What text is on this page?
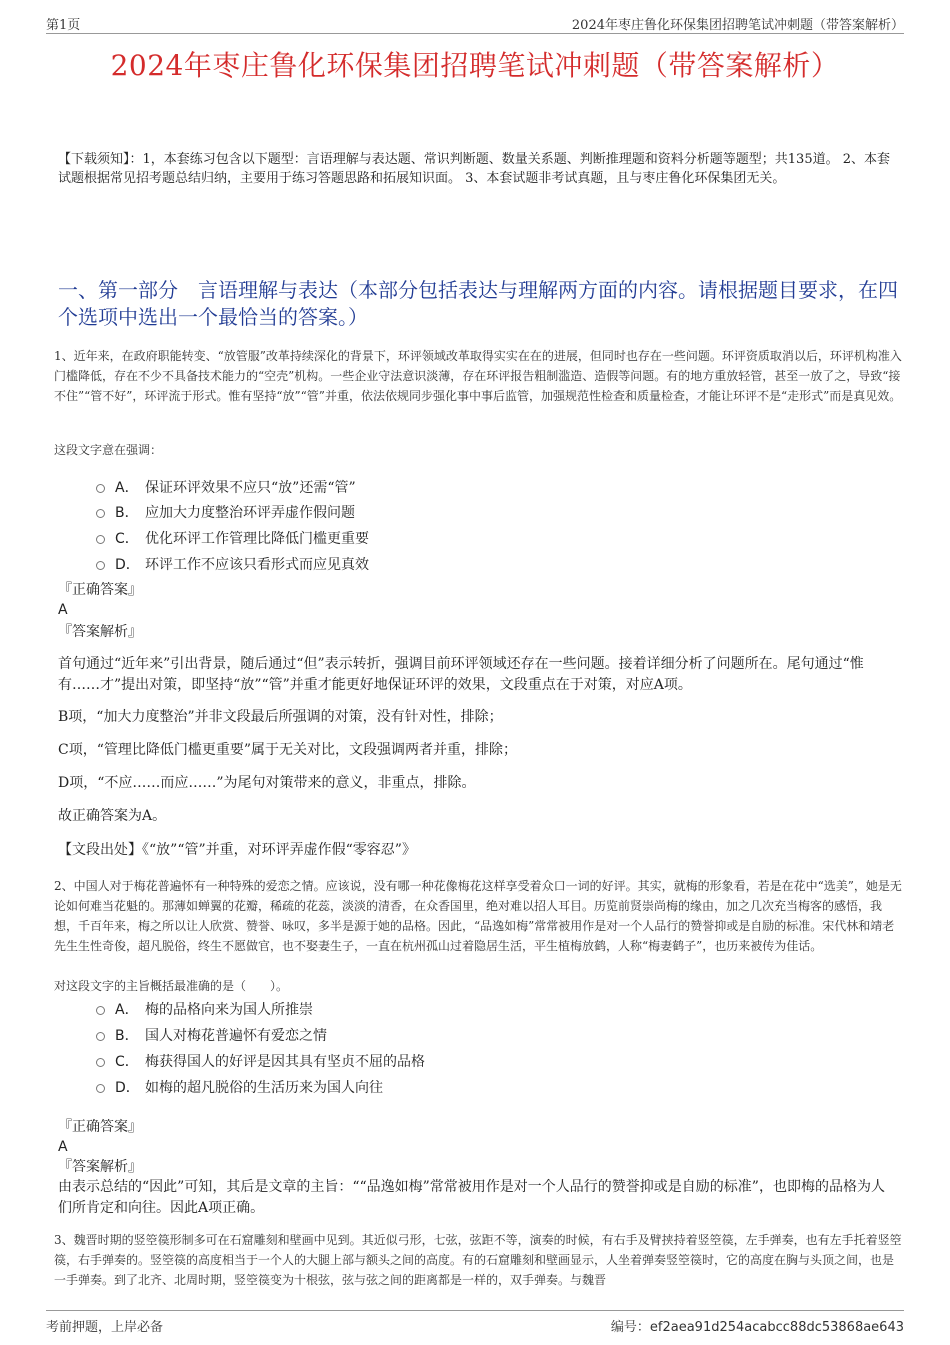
第1页	2024年枣庄鲁化环保集团招聘笔试冲刺题（带答案解析）
2024年枣庄鲁化环保集团招聘笔试冲刺题（带答案解析）
【下载须知】：1，本套练习包含以下题型：言语理解与表达题、常识判断题、数量关系题、判断推理题和资料分析题等题型；共135道。 2、本套试题根据常见招考题总结归纳，主要用于练习答题思路和拓展知识面。 3、本套试题非考试真题，且与枣庄鲁化环保集团无关。
一、第一部分　言语理解与表达（本部分包括表达与理解两方面的内容。请根据题目要求，在四个选项中选出一个最恰当的答案。）
1、近年来，在政府职能转变、“放管服”改革持续深化的背景下，环评领域改革取得实实在在的进展，但同时也存在一些问题。环评资质取消以后，环评机构准入门槛降低，存在不少不具备技术能力的“空壳”机构。一些企业守法意识淡薄，存在环评报告粗制滥造、造假等问题。有的地方重放轻管，甚至一放了之，导致“接不住”“管不好”，环评流于形式。惟有坚持“放”“管”并重，依法依规同步强化事中事后监管，加强规范性检查和质量检查，才能让环评不是“走形式”而是真见效。
这段文字意在强调：
A． 保证环评效果不应只“放”还需“管”
B． 应加大力度整治环评弄虚作假问题
C． 优化环评工作管理比降低门槛更重要
D． 环评工作不应该只看形式而应见真效
『正确答案』
A
『答案解析』
首句通过“近年来”引出背景，随后通过“但”表示转折，强调目前环评领域还存在一些问题。接着详细分析了问题所在。尾句通过“惟有……才”提出对策，即坚持“放”“管”并重才能更好地保证环评的效果，文段重点在于对策，对应A项。
B项，“加大力度整治”并非文段最后所强调的对策，没有针对性，排除；
C项，“管理比降低门槛更重要”属于无关对比，文段强调两者并重，排除；
D项，“不应……而应……”为尾句对策带来的意义，非重点，排除。
故正确答案为A。
【文段出处】《“放”“管”并重，对环评弄虚作假“零容忍”》
2、中国人对于梅花普遍怀有一种特殊的爱恋之情。应该说，没有哪一种花像梅花这样享受着众口一词的好评。其实，就梅的形象看，若是在花中“选美”，她是无论如何难当花魁的。那薄如蝉翼的花瓣，稀疏的花蕊，淡淡的清香，在众香国里，绝对难以招人耳目。历览前贤崇尚梅的缘由，加之几次充当梅客的感悟，我想，千百年来，梅之所以让人欣赏、赞誉、咏叹，多半是源于她的品格。因此，“品逸如梅”常常被用作是对一个人品行的赞誉抑或是自励的标准。宋代林和靖老先生生性奇俊，超凡脱俗，终生不愿做官，也不娶妻生子，一直在杭州孤山过着隐居生活，平生植梅放鹤，人称“梅妻鹤子”，也历来被传为佳话。
对这段文字的主旨概括最准确的是（　　）。
A． 梅的品格向来为国人所推崇
B． 国人对梅花普遍怀有爱恋之情
C． 梅获得国人的好评是因其具有坚贞不屈的品格
D． 如梅的超凡脱俗的生活历来为国人向往
『正确答案』
A
『答案解析』
由表示总结的“因此”可知，其后是文章的主旨：““品逸如梅”常常被用作是对一个人品行的赞誉抑或是自励的标准”，也即梅的品格为人们所肯定和向往。因此A项正确。
3、魏晋时期的竖箜篌形制多可在石窟雕刻和壁画中见到。其近似弓形，七弦，弦距不等，演奏的时候，有右手及臂挟持着竖箜篌，左手弹奏，也有左手托着竖箜篌，右手弹奏的。竖箜篌的高度相当于一个人的大腿上部与额头之间的高度。有的石窟雕刻和壁画显示，人坐着弹奏竖箜篌时，它的高度在胸与头顶之间，也是一手弹奏。到了北齐、北周时期，竖箜篌变为十根弦，弦与弦之间的距离都是一样的，双手弹奏。与魏晋
考前押题，上岸必备	编号：ef2aea91d254acabcc88dc53868ae643
